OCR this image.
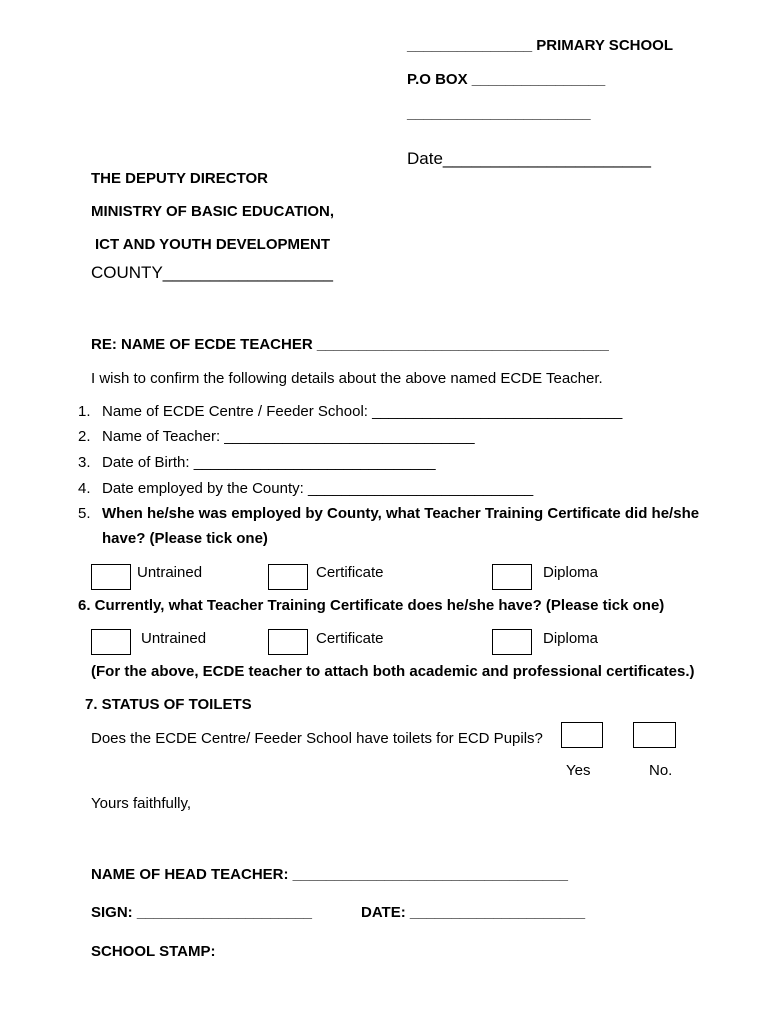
_______________ PRIMARY SCHOOL
P.O BOX ________________
______________________
Date______________________
THE DEPUTY DIRECTOR
MINISTRY OF BASIC EDUCATION,
ICT AND YOUTH DEVELOPMENT
COUNTY__________________
RE: NAME OF ECDE TEACHER ___________________________________
I wish to confirm the following details about the above named ECDE Teacher.
1. Name of ECDE Centre / Feeder School: ______________________________
2. Name of Teacher: ______________________________
3. Date of Birth: _____________________________
4. Date employed by the County: ___________________________
5. When he/she was employed by County, what Teacher Training Certificate did he/she
have? (Please tick one)
Untrained	Certificate	Diploma
6. Currently, what Teacher Training Certificate does he/she have? (Please tick one)
Untrained	Certificate	Diploma
(For the above, ECDE teacher to attach both academic and professional certificates.)
7. STATUS OF TOILETS
Does the ECDE Centre/ Feeder School have toilets for ECD Pupils?
Yes	No.
Yours faithfully,
NAME OF HEAD TEACHER: _________________________________
SIGN: _____________________	DATE: _____________________
SCHOOL STAMP:
